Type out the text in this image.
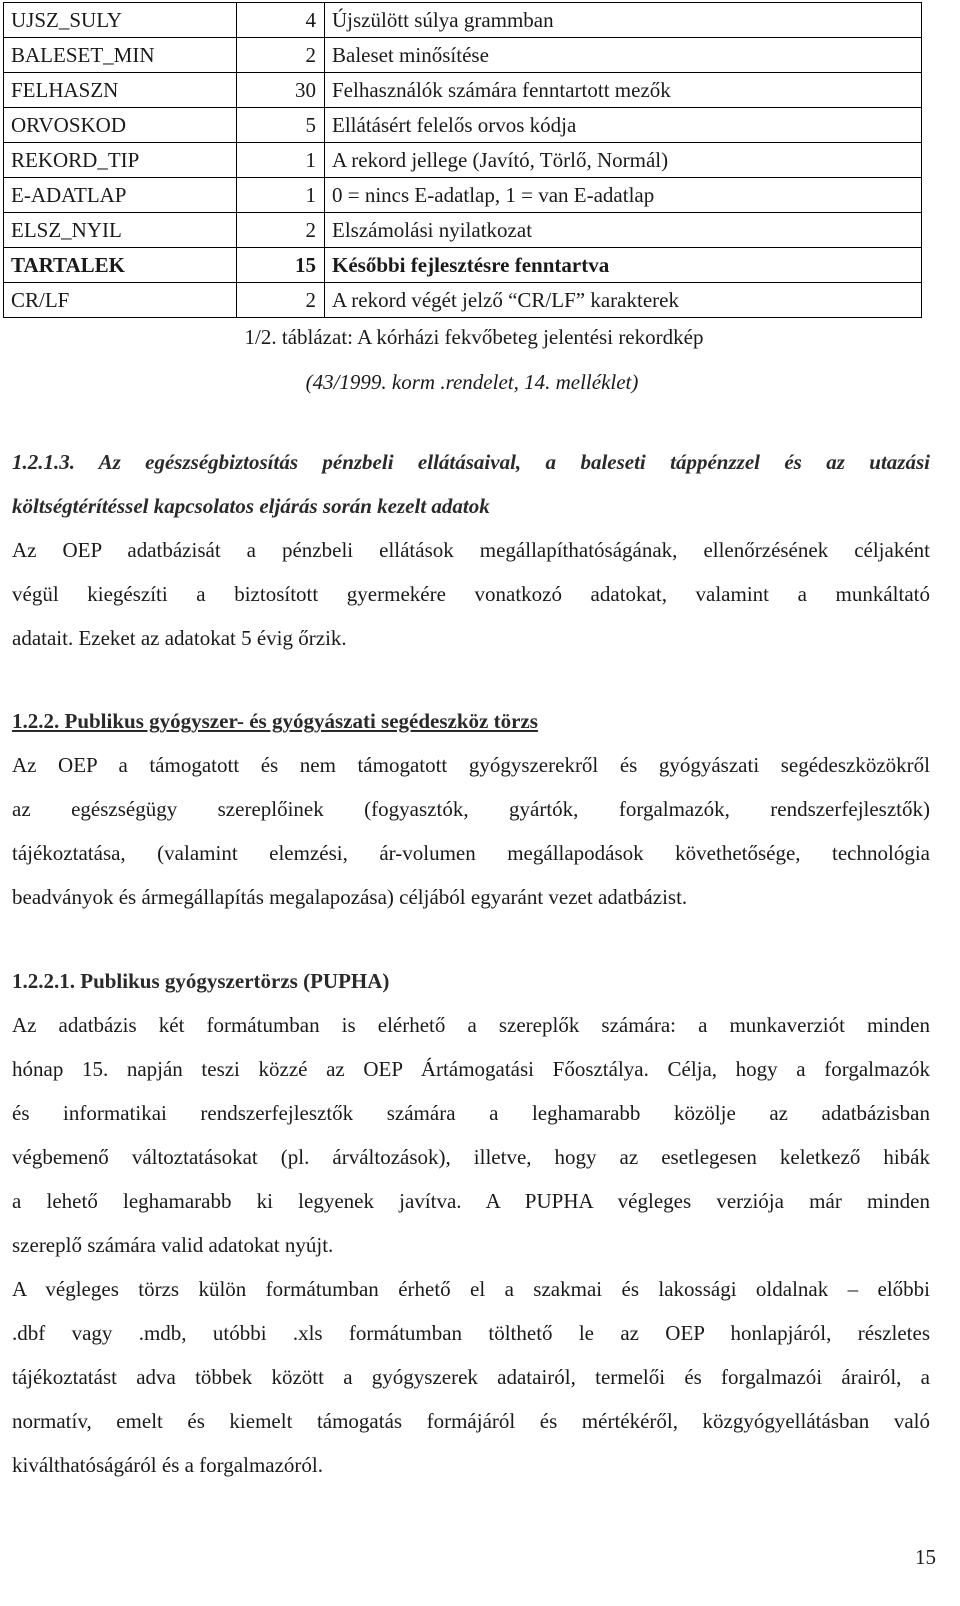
UJSZ_SULY	4	Újszülött súlya grammban
BALESET_MIN	2	Baleset minősítése
FELHASZN	30	Felhasználók számára fenntartott mezők
ORVOSKOD	5	Ellátásért felelős orvos kódja
REKORD_TIP	1	A rekord jellege (Javító, Törlő, Normál)
E-ADATLAP	1	0 = nincs E-adatlap, 1 = van E-adatlap
ELSZ_NYIL	2	Elszámolási nyilatkozat
TARTALEK	15	Későbbi fejlesztésre fenntartva
CR/LF	2	A rekord végét jelző “CR/LF” karakterek
1/2. táblázat: A kórházi fekvőbeteg jelentési rekordkép
(43/1999. korm .rendelet, 14. melléklet)
1.2.1.3. Az egészségbiztosítás pénzbeli ellátásaival, a baleseti táppénzzel és az utazási
költségtérítéssel kapcsolatos eljárás során kezelt adatok
Az OEP adatbázisát a pénzbeli ellátások megállapíthatóságának, ellenőrzésének céljaként
végül kiegészíti a biztosított gyermekére vonatkozó adatokat, valamint a munkáltató
adatait. Ezeket az adatokat 5 évig őrzik.
1.2.2. Publikus gyógyszer- és gyógyászati segédeszköz törzs
Az OEP a támogatott és nem támogatott gyógyszerekről és gyógyászati segédeszközökről
az egészségügy szereplőinek (fogyasztók, gyártók, forgalmazók, rendszerfejlesztők)
tájékoztatása, (valamint elemzési, ár-volumen megállapodások követhetősége, technológia
beadványok és ármegállapítás megalapozása) céljából egyaránt vezet adatbázist.
1.2.2.1. Publikus gyógyszertörzs (PUPHA)
Az adatbázis két formátumban is elérhető a szereplők számára: a munkaverziót minden
hónap 15. napján teszi közzé az OEP Ártámogatási Főosztálya. Célja, hogy a forgalmazók
és informatikai rendszerfejlesztők számára a leghamarabb közölje az adatbázisban
végbemenő változtatásokat (pl. árváltozások), illetve, hogy az esetlegesen keletkező hibák
a lehető leghamarabb ki legyenek javítva. A PUPHA végleges verziója már minden
szereplő számára valid adatokat nyújt.
A végleges törzs külön formátumban érhető el a szakmai és lakossági oldalnak – előbbi
.dbf vagy .mdb, utóbbi .xls formátumban tölthető le az OEP honlapjáról, részletes
tájékoztatást adva többek között a gyógyszerek adatairól, termelői és forgalmazói árairól, a
normatív, emelt és kiemelt támogatás formájáról és mértékéről, közgyógyellátásban való
kiválthatóságáról és a forgalmazóról.
15
